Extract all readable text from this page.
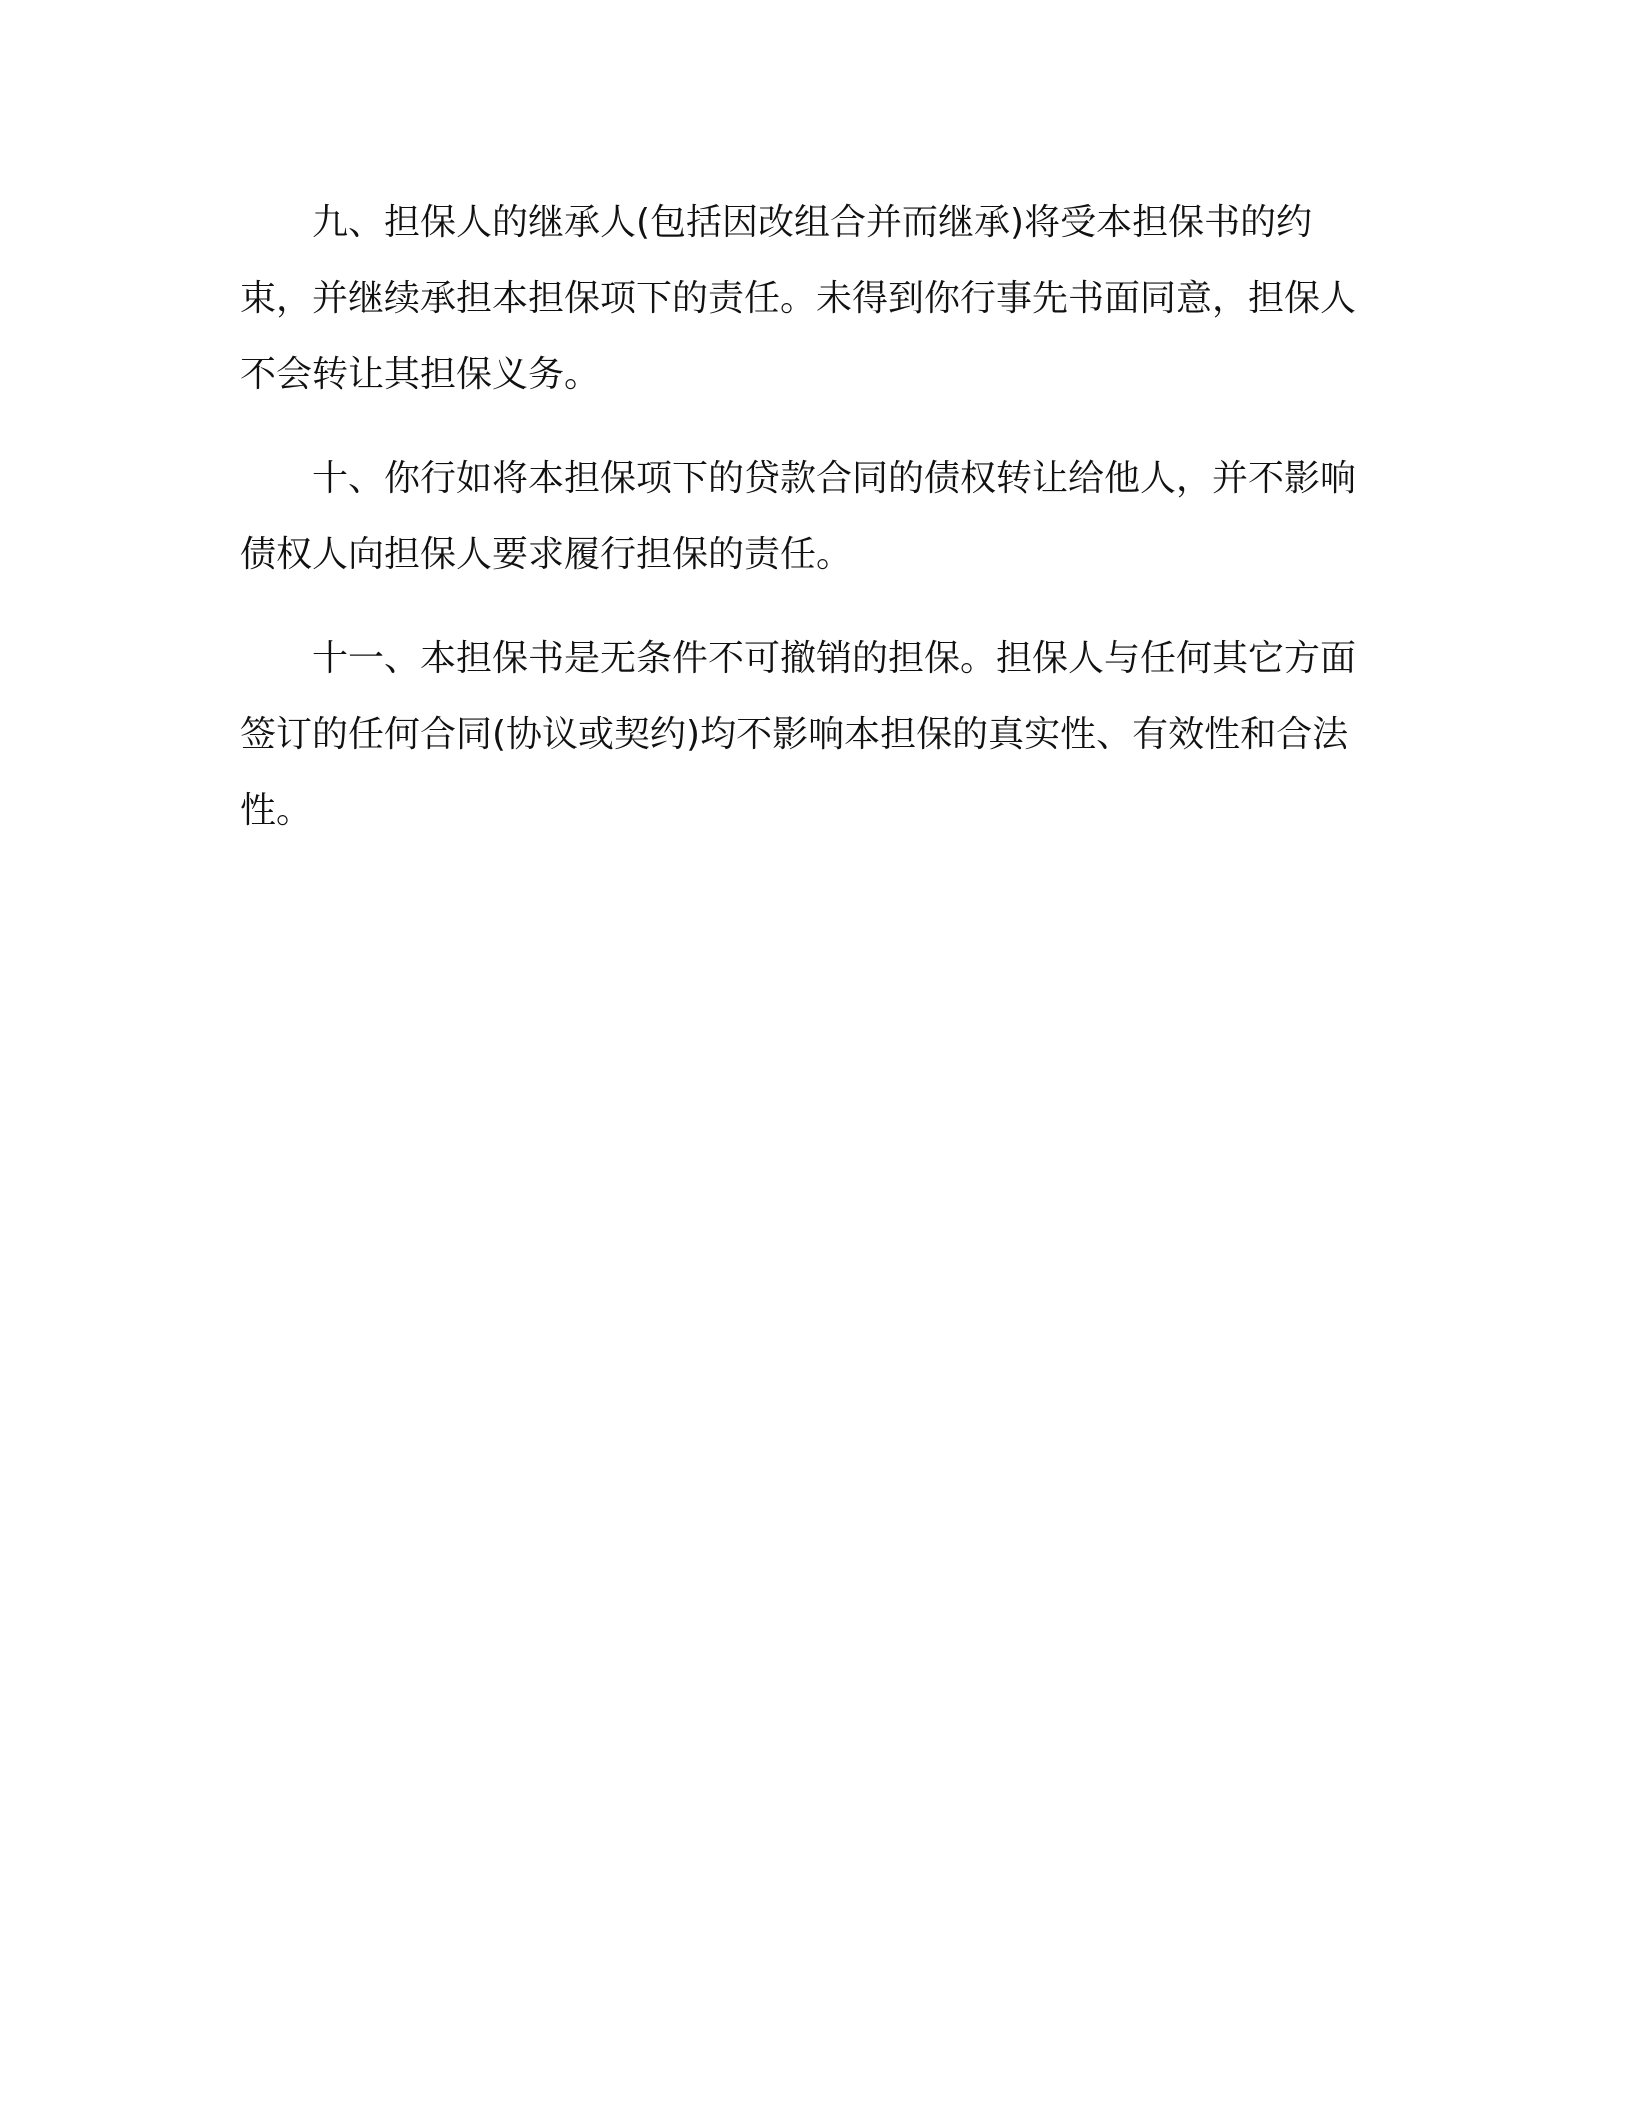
九、担保人的继承人(包括因改组合并而继承)将受本担保书的约束，并继续承担本担保项下的责任。未得到你行事先书面同意，担保人不会转让其担保义务。

十、你行如将本担保项下的贷款合同的债权转让给他人，并不影响债权人向担保人要求履行担保的责任。

十一、本担保书是无条件不可撤销的担保。担保人与任何其它方面签订的任何合同(协议或契约)均不影响本担保的真实性、有效性和合法性。
